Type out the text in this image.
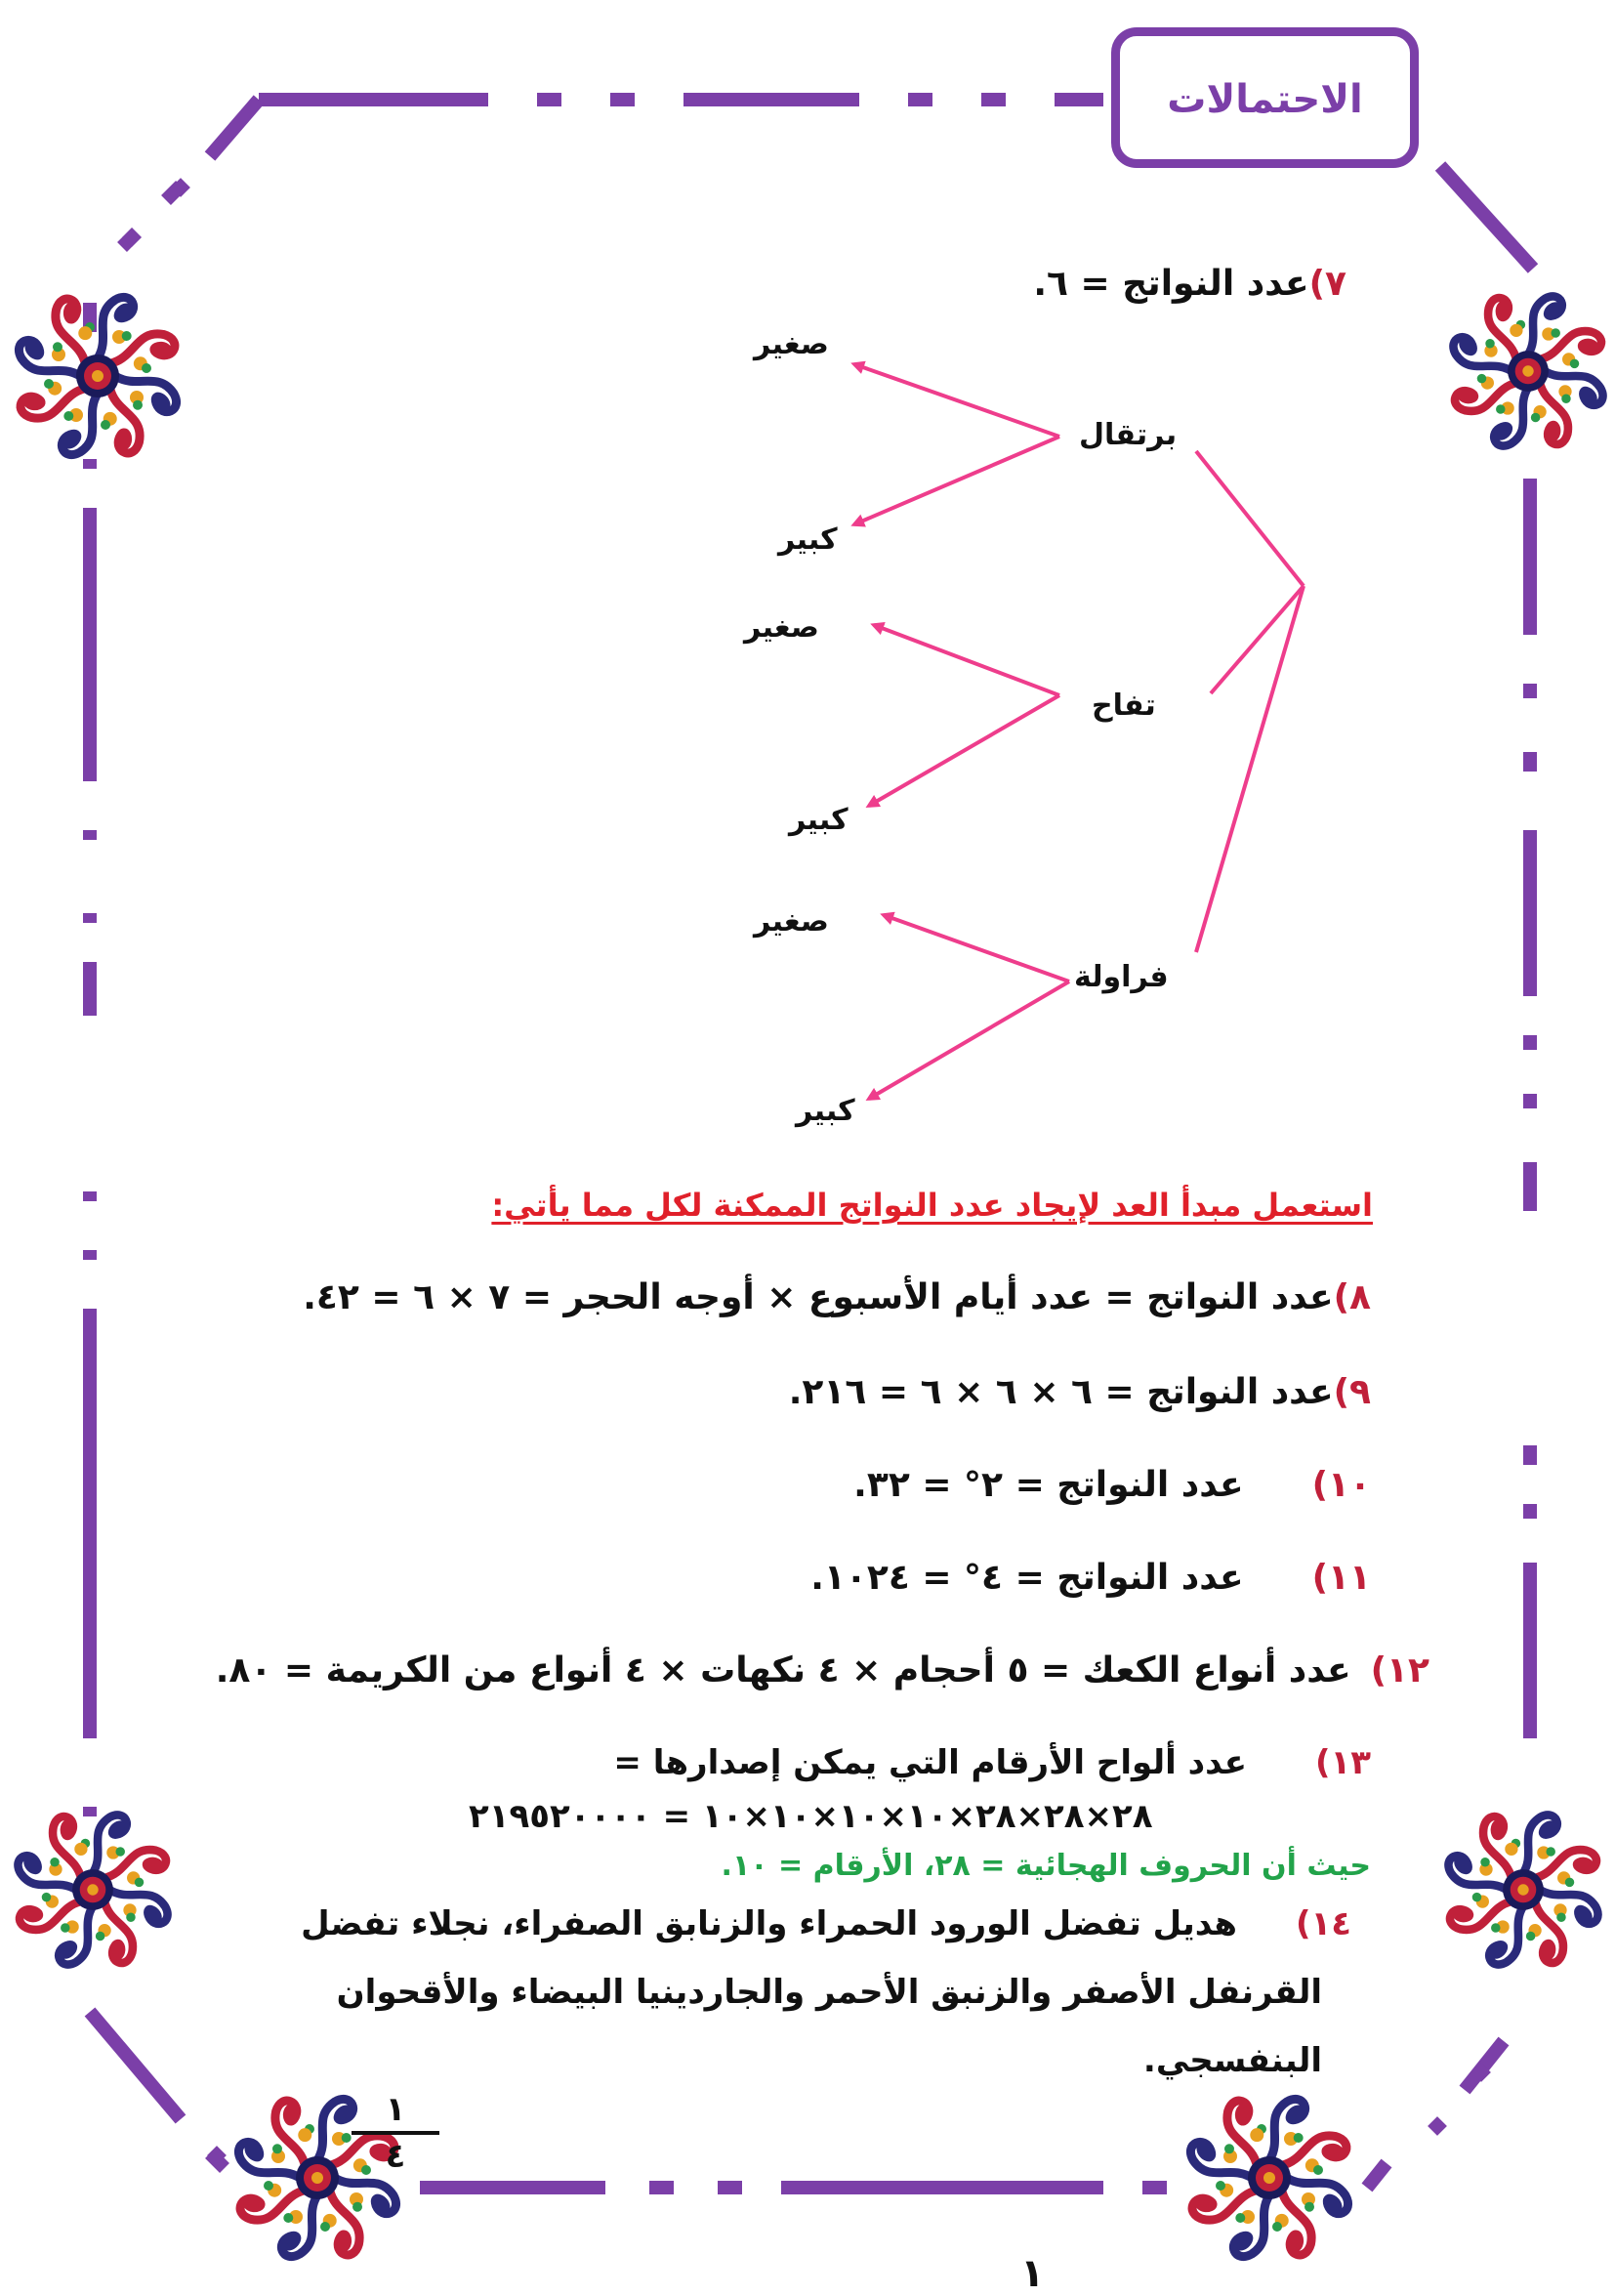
الاحتمالات
٧)عدد النواتج = ٦.
برتقال
تفاح
فراولة
صغير
كبير
صغير
كبير
صغير
كبير
استعمل مبدأ العد لإيجاد عدد النواتج الممكنة لكل مما يأتي:
٨)عدد النواتج = عدد أيام الأسبوع × أوجه الحجر = ٧ × ٦ = ٤٢.
٩)عدد النواتج = ٦ × ٦ × ٦ = ٢١٦.
١٠)عدد النواتج = ٢° = ٣٢.
١١)عدد النواتج = ٤° = ١٠٢٤.
١٢)عدد أنواع الكعك = ٥ أحجام × ٤ نكهات × ٤ أنواع من الكريمة = ٨٠.
١٣)عدد ألواح الأرقام التي يمكن إصدارها =
٢٨×٢٨×٢٨×١٠×١٠×١٠×١٠ = ٢١٩٥٢٠٠٠٠
حيث أن الحروف الهجائية = ٢٨، الأرقام = ١٠.
١٤)هديل تفضل الورود الحمراء والزنابق الصفراء، نجلاء تفضل
القرنفل الأصفر والزنبق الأحمر والجاردينيا البيضاء والأقحوان
البنفسجي.
١
٤
١
